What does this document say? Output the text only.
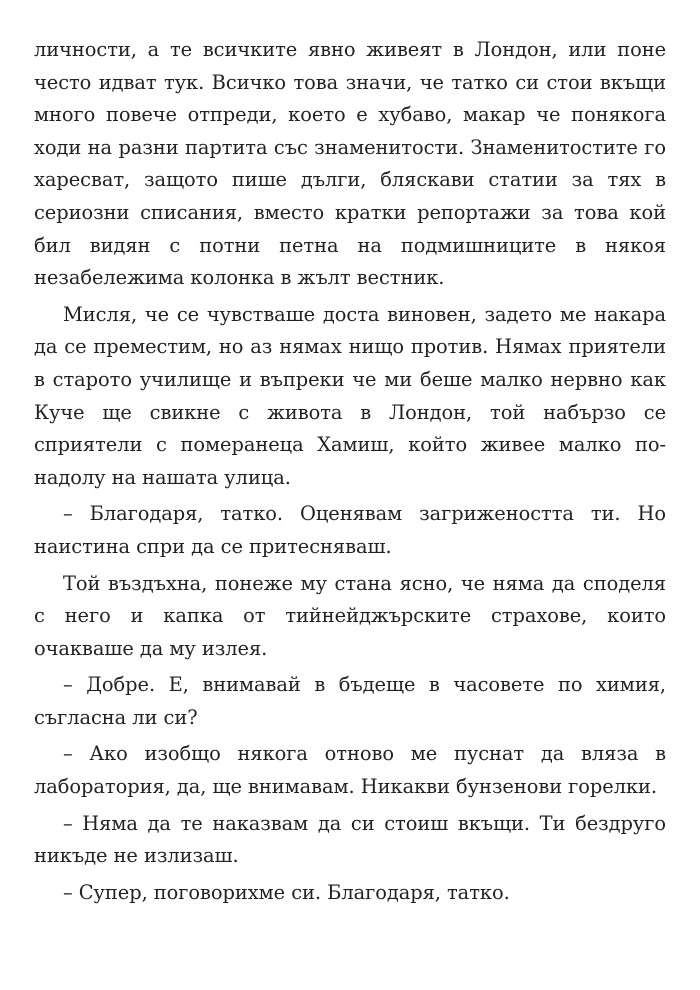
личности, а те всичките явно живеят в Лондон, или поне често идват тук. Всичко това значи, че татко си стои вкъщи много повече отпреди, което е хубаво, макар че понякога ходи на разни партита със знаменитости. Знаменитостите го харесват, защото пише дълги, бляскави статии за тях в сериозни списания, вместо кратки репортажи за това кой бил видян с потни петна на подмишниците в някоя незабележима колонка в жълт вестник.

Мисля, че се чувстваше доста виновен, задето ме накара да се преместим, но аз нямах нищо против. Нямах приятели в старото училище и въпреки че ми беше малко нервно как Куче ще свикне с живота в Лондон, той набързо се сприятели с померанеца Хамиш, който живее малко по-надолу на нашата улица.

– Благодаря, татко. Оценявам загрижеността ти. Но наистина спри да се притесняваш.

Той въздъхна, понеже му стана ясно, че няма да споделя с него и капка от тийнейджърските страхове, които очакваше да му излея.

– Добре. Е, внимавай в бъдеще в часовете по химия, съгласна ли си?

– Ако изобщо някога отново ме пуснат да вляза в лаборатория, да, ще внимавам. Никакви бунзенови горелки.

– Няма да те наказвам да си стоиш вкъщи. Ти бездруго никъде не излизаш.

– Супер, поговорихме си. Благодаря, татко.
